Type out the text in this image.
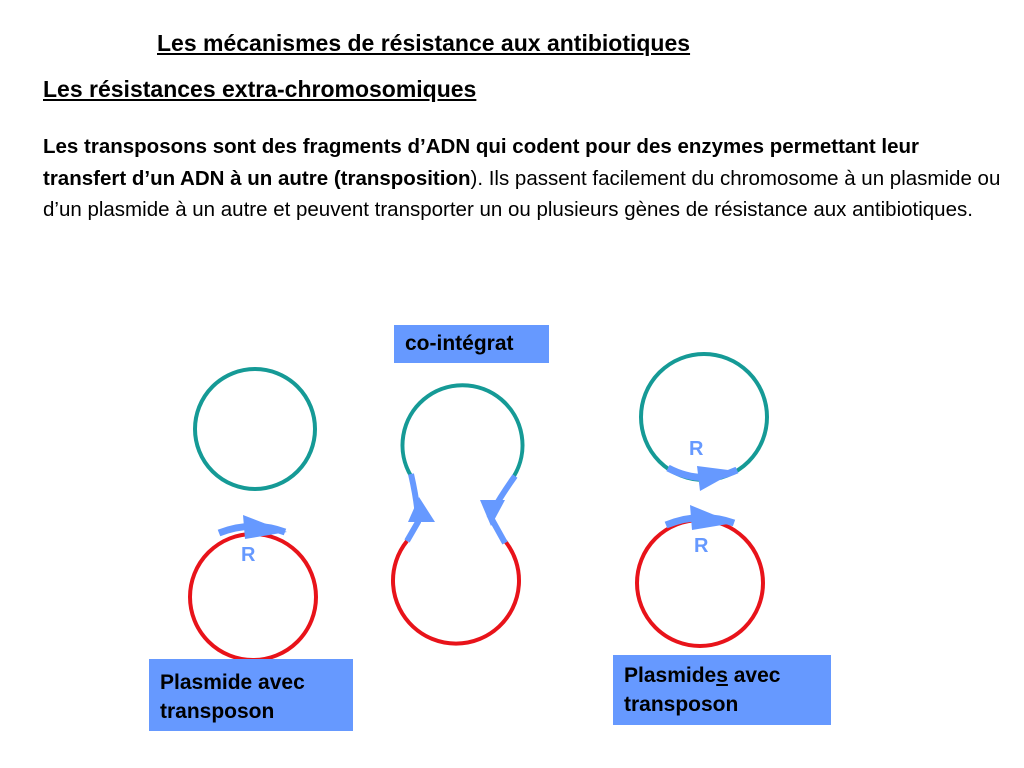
Les mécanismes de résistance aux antibiotiques
Les résistances extra-chromosomiques
Les transposons sont des fragments d’ADN qui codent pour des enzymes permettant leur transfert d’un ADN à un autre (transposition). Ils passent facilement du chromosome à un plasmide ou d’un plasmide à un autre et peuvent transporter un ou plusieurs gènes de résistance aux antibiotiques.
R
R
R
co-intégrat
Plasmide avec
transposon
Plasmides avec
transposon
